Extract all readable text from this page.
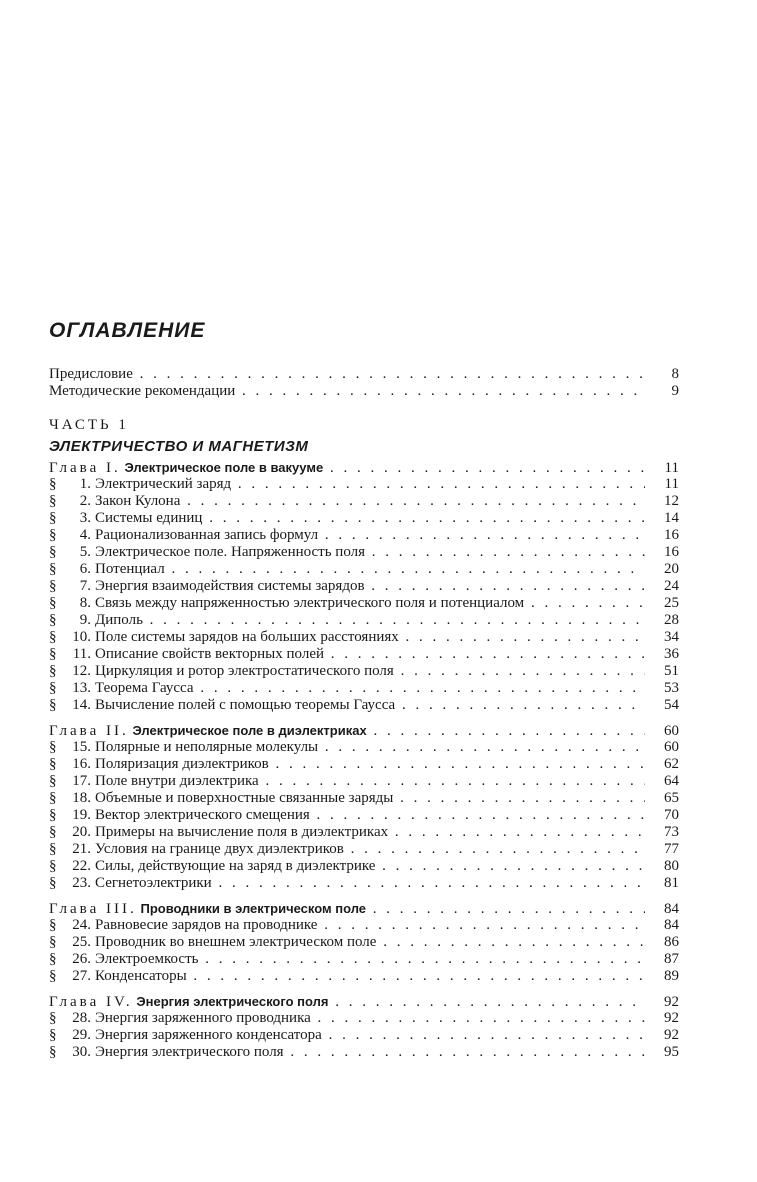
ОГЛАВЛЕНИЕ
Предисловие . . .	8
Методические рекомендации . . .	9
ЧАСТЬ 1
ЭЛЕКТРИЧЕСТВО И МАГНЕТИЗМ
Глава I. Электрическое поле в вакууме . . .	11
§	1. Электрический заряд . . .	11
§	2. Закон Кулона . . .	12
§	3. Системы единиц . . .	14
§	4. Рационализованная запись формул . . .	16
§	5. Электрическое поле. Напряженность поля . . .	16
§	6. Потенциал . . .	20
§	7. Энергия взаимодействия системы зарядов . . .	24
§	8. Связь между напряженностью электрического поля и потенциалом . . .	25
§	9. Диполь . . .	28
§	10. Поле системы зарядов на больших расстояниях . . .	34
§	11. Описание свойств векторных полей . . .	36
§	12. Циркуляция и ротор электростатического поля . . .	51
§	13. Теорема Гаусса . . .	53
§	14. Вычисление полей с помощью теоремы Гаусса . . .	54
Глава II. Электрическое поле в диэлектриках . . .	60
§	15. Полярные и неполярные молекулы . . .	60
§	16. Поляризация диэлектриков . . .	62
§	17. Поле внутри диэлектрика . . .	64
§	18. Объемные и поверхностные связанные заряды . . .	65
§	19. Вектор электрического смещения . . .	70
§	20. Примеры на вычисление поля в диэлектриках . . .	73
§	21. Условия на границе двух диэлектриков . . .	77
§	22. Силы, действующие на заряд в диэлектрике . . .	80
§	23. Сегнетоэлектрики . . .	81
Глава III. Проводники в электрическом поле . . .	84
§	24. Равновесие зарядов на проводнике . . .	84
§	25. Проводник во внешнем электрическом поле . . .	86
§	26. Электроемкость . . .	87
§	27. Конденсаторы . . .	89
Глава IV. Энергия электрического поля . . .	92
§	28. Энергия заряженного проводника . . .	92
§	29. Энергия заряженного конденсатора . . .	92
§	30. Энергия электрического поля . . .	95
